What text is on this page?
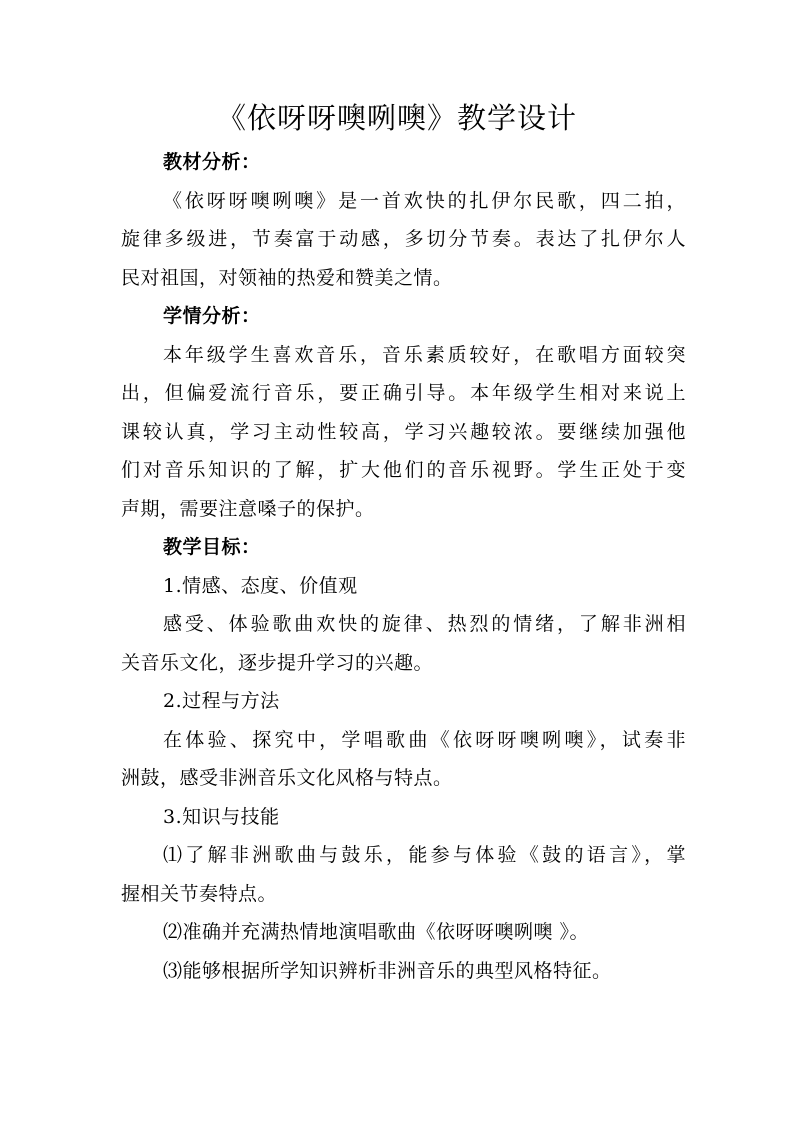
《依呀呀噢咧噢》教学设计
教材分析：
《依呀呀噢咧噢》是一首欢快的扎伊尔民歌，四二拍，
旋律多级进，节奏富于动感，多切分节奏。表达了扎伊尔人
民对祖国，对领袖的热爱和赞美之情。
学情分析：
本年级学生喜欢音乐，音乐素质较好，在歌唱方面较突
出，但偏爱流行音乐，要正确引导。本年级学生相对来说上
课较认真，学习主动性较高，学习兴趣较浓。要继续加强他
们对音乐知识的了解，扩大他们的音乐视野。学生正处于变
声期，需要注意嗓子的保护。
教学目标：
1.情感、态度、价值观
感受、体验歌曲欢快的旋律、热烈的情绪，了解非洲相
关音乐文化，逐步提升学习的兴趣。
2.过程与方法
在体验、探究中，学唱歌曲《依呀呀噢咧噢》，试奏非
洲鼓，感受非洲音乐文化风格与特点。
3.知识与技能
⑴了解非洲歌曲与鼓乐，能参与体验《鼓的语言》，掌
握相关节奏特点。
⑵准确并充满热情地演唱歌曲《依呀呀噢咧噢 》。
⑶能够根据所学知识辨析非洲音乐的典型风格特征。
